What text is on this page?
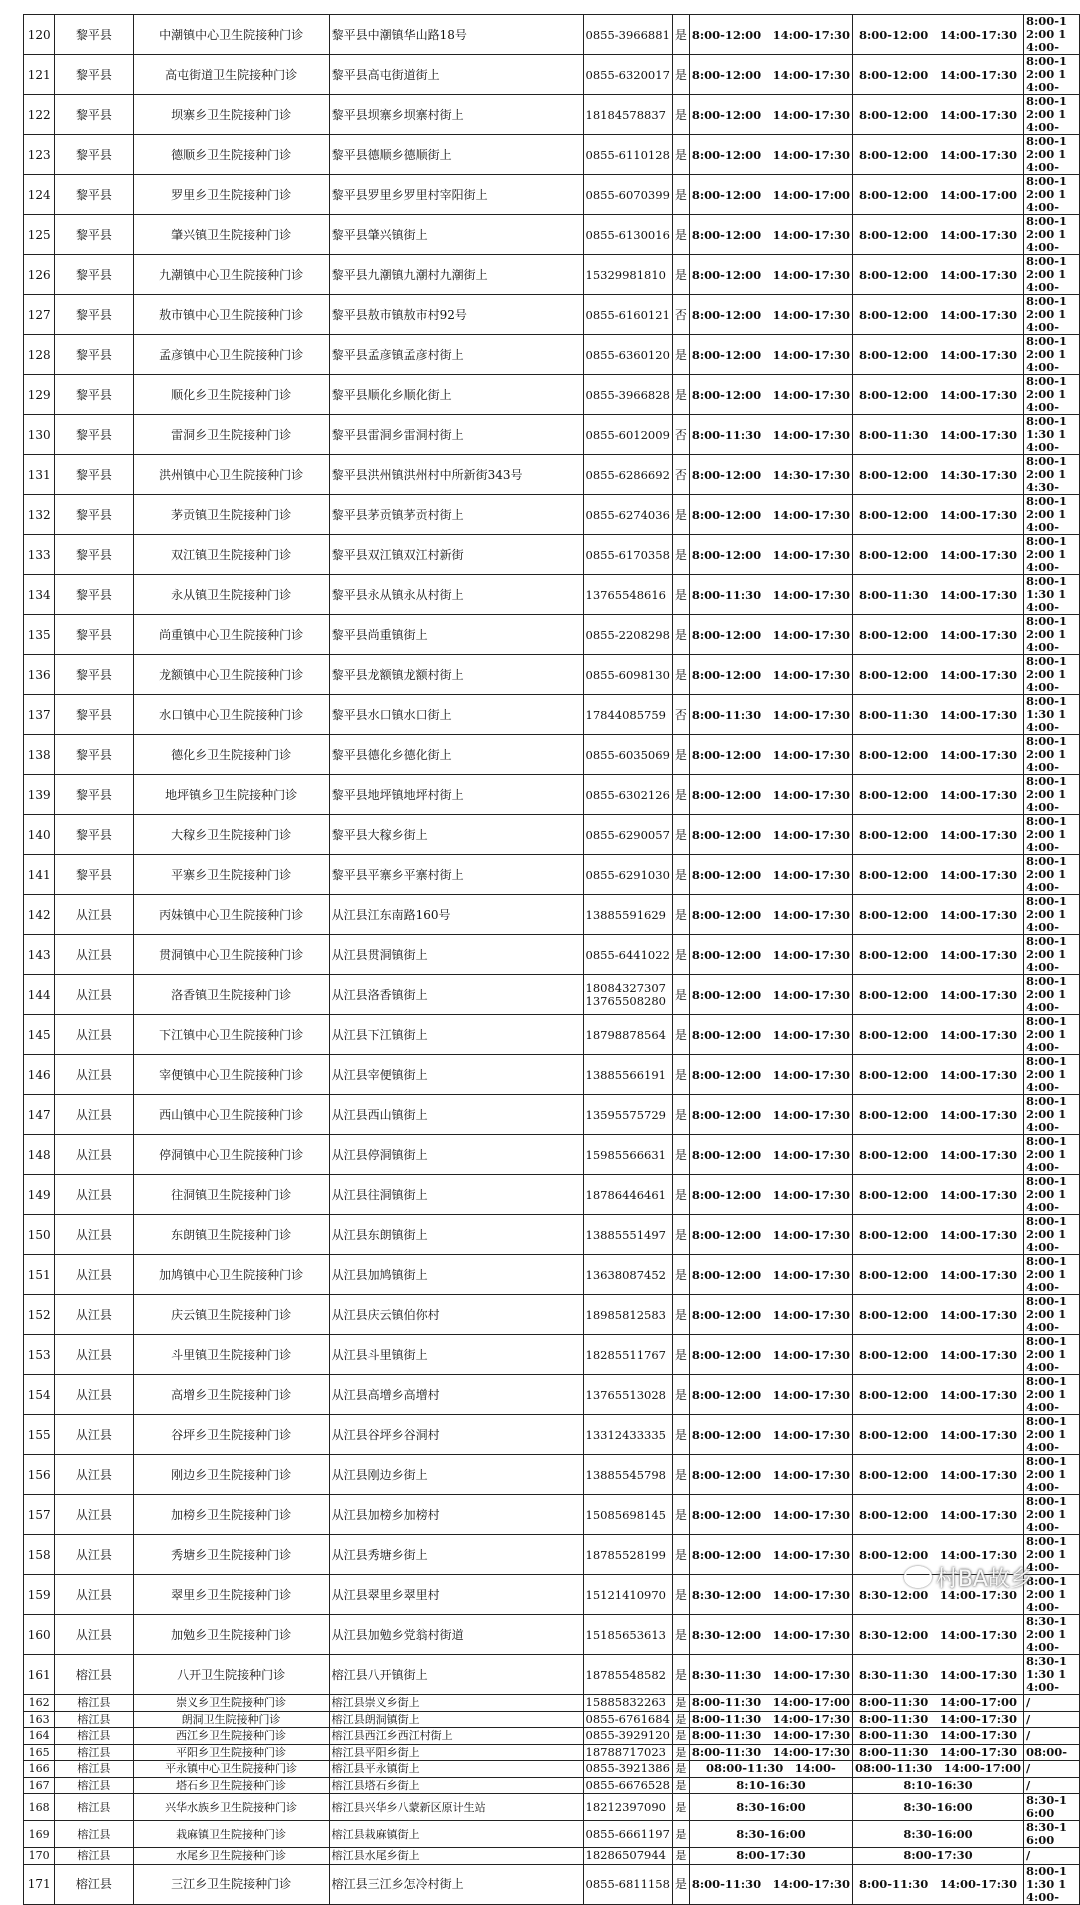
120	黎平县	中潮镇中心卫生院接种门诊	黎平县中潮镇华山路18号	0855-3966881	是	8:00-12:00　14:00-17:30	8:00-12:00　14:00-17:30	8:00-12:00 14:00-
121	黎平县	高屯街道卫生院接种门诊	黎平县高屯街道街上	0855-6320017	是	8:00-12:00　14:00-17:30	8:00-12:00　14:00-17:30	8:00-12:00 14:00-
122	黎平县	坝寨乡卫生院接种门诊	黎平县坝寨乡坝寨村街上	18184578837	是	8:00-12:00　14:00-17:30	8:00-12:00　14:00-17:30	8:00-12:00 14:00-
123	黎平县	德顺乡卫生院接种门诊	黎平县德顺乡德顺街上	0855-6110128	是	8:00-12:00　14:00-17:30	8:00-12:00　14:00-17:30	8:00-12:00 14:00-
124	黎平县	罗里乡卫生院接种门诊	黎平县罗里乡罗里村宰阳街上	0855-6070399	是	8:00-12:00　14:00-17:00	8:00-12:00　14:00-17:00	8:00-12:00 14:00-
125	黎平县	肇兴镇卫生院接种门诊	黎平县肇兴镇街上	0855-6130016	是	8:00-12:00　14:00-17:30	8:00-12:00　14:00-17:30	8:00-12:00 14:00-
126	黎平县	九潮镇中心卫生院接种门诊	黎平县九潮镇九潮村九潮街上	15329981810	是	8:00-12:00　14:00-17:30	8:00-12:00　14:00-17:30	8:00-12:00 14:00-
127	黎平县	敖市镇中心卫生院接种门诊	黎平县敖市镇敖市村92号	0855-6160121	否	8:00-12:00　14:00-17:30	8:00-12:00　14:00-17:30	8:00-12:00 14:00-
128	黎平县	孟彦镇中心卫生院接种门诊	黎平县孟彦镇孟彦村街上	0855-6360120	是	8:00-12:00　14:00-17:30	8:00-12:00　14:00-17:30	8:00-12:00 14:00-
129	黎平县	顺化乡卫生院接种门诊	黎平县顺化乡顺化街上	0855-3966828	是	8:00-12:00　14:00-17:30	8:00-12:00　14:00-17:30	8:00-12:00 14:00-
130	黎平县	雷洞乡卫生院接种门诊	黎平县雷洞乡雷洞村街上	0855-6012009	否	8:00-11:30　14:00-17:30	8:00-11:30　14:00-17:30	8:00-11:30 14:00-
131	黎平县	洪州镇中心卫生院接种门诊	黎平县洪州镇洪州村中所新街343号	0855-6286692	否	8:00-12:00　14:30-17:30	8:00-12:00　14:30-17:30	8:00-12:00 14:30-
132	黎平县	茅贡镇卫生院接种门诊	黎平县茅贡镇茅贡村街上	0855-6274036	是	8:00-12:00　14:00-17:30	8:00-12:00　14:00-17:30	8:00-12:00 14:00-
133	黎平县	双江镇卫生院接种门诊	黎平县双江镇双江村新街	0855-6170358	是	8:00-12:00　14:00-17:30	8:00-12:00　14:00-17:30	8:00-12:00 14:00-
134	黎平县	永从镇卫生院接种门诊	黎平县永从镇永从村街上	13765548616	是	8:00-11:30　14:00-17:30	8:00-11:30　14:00-17:30	8:00-11:30 14:00-
135	黎平县	尚重镇中心卫生院接种门诊	黎平县尚重镇街上	0855-2208298	是	8:00-12:00　14:00-17:30	8:00-12:00　14:00-17:30	8:00-12:00 14:00-
136	黎平县	龙额镇中心卫生院接种门诊	黎平县龙额镇龙额村街上	0855-6098130	是	8:00-12:00　14:00-17:30	8:00-12:00　14:00-17:30	8:00-12:00 14:00-
137	黎平县	水口镇中心卫生院接种门诊	黎平县水口镇水口街上	17844085759	否	8:00-11:30　14:00-17:30	8:00-11:30　14:00-17:30	8:00-11:30 14:00-
138	黎平县	德化乡卫生院接种门诊	黎平县德化乡德化街上	0855-6035069	是	8:00-12:00　14:00-17:30	8:00-12:00　14:00-17:30	8:00-12:00 14:00-
139	黎平县	地坪镇乡卫生院接种门诊	黎平县地坪镇地坪村街上	0855-6302126	是	8:00-12:00　14:00-17:30	8:00-12:00　14:00-17:30	8:00-12:00 14:00-
140	黎平县	大稼乡卫生院接种门诊	黎平县大稼乡街上	0855-6290057	是	8:00-12:00　14:00-17:30	8:00-12:00　14:00-17:30	8:00-12:00 14:00-
141	黎平县	平寨乡卫生院接种门诊	黎平县平寨乡平寨村街上	0855-6291030	是	8:00-12:00　14:00-17:30	8:00-12:00　14:00-17:30	8:00-12:00 14:00-
142	从江县	丙妹镇中心卫生院接种门诊	从江县江东南路160号	13885591629	是	8:00-12:00　14:00-17:30	8:00-12:00　14:00-17:30	8:00-12:00 14:00-
143	从江县	贯洞镇中心卫生院接种门诊	从江县贯洞镇街上	0855-6441022	是	8:00-12:00　14:00-17:30	8:00-12:00　14:00-17:30	8:00-12:00 14:00-
144	从江县	洛香镇卫生院接种门诊	从江县洛香镇街上	18084327307 13765508280	是	8:00-12:00　14:00-17:30	8:00-12:00　14:00-17:30	8:00-12:00 14:00-
145	从江县	下江镇中心卫生院接种门诊	从江县下江镇街上	18798878564	是	8:00-12:00　14:00-17:30	8:00-12:00　14:00-17:30	8:00-12:00 14:00-
146	从江县	宰便镇中心卫生院接种门诊	从江县宰便镇街上	13885566191	是	8:00-12:00　14:00-17:30	8:00-12:00　14:00-17:30	8:00-12:00 14:00-
147	从江县	西山镇中心卫生院接种门诊	从江县西山镇街上	13595575729	是	8:00-12:00　14:00-17:30	8:00-12:00　14:00-17:30	8:00-12:00 14:00-
148	从江县	停洞镇中心卫生院接种门诊	从江县停洞镇街上	15985566631	是	8:00-12:00　14:00-17:30	8:00-12:00　14:00-17:30	8:00-12:00 14:00-
149	从江县	往洞镇卫生院接种门诊	从江县往洞镇街上	18786446461	是	8:00-12:00　14:00-17:30	8:00-12:00　14:00-17:30	8:00-12:00 14:00-
150	从江县	东朗镇卫生院接种门诊	从江县东朗镇街上	13885551497	是	8:00-12:00　14:00-17:30	8:00-12:00　14:00-17:30	8:00-12:00 14:00-
151	从江县	加鸠镇中心卫生院接种门诊	从江县加鸠镇街上	13638087452	是	8:00-12:00　14:00-17:30	8:00-12:00　14:00-17:30	8:00-12:00 14:00-
152	从江县	庆云镇卫生院接种门诊	从江县庆云镇伯你村	18985812583	是	8:00-12:00　14:00-17:30	8:00-12:00　14:00-17:30	8:00-12:00 14:00-
153	从江县	斗里镇卫生院接种门诊	从江县斗里镇街上	18285511767	是	8:00-12:00　14:00-17:30	8:00-12:00　14:00-17:30	8:00-12:00 14:00-
154	从江县	高增乡卫生院接种门诊	从江县高增乡高增村	13765513028	是	8:00-12:00　14:00-17:30	8:00-12:00　14:00-17:30	8:00-12:00 14:00-
155	从江县	谷坪乡卫生院接种门诊	从江县谷坪乡谷洞村	13312433335	是	8:00-12:00　14:00-17:30	8:00-12:00　14:00-17:30	8:00-12:00 14:00-
156	从江县	刚边乡卫生院接种门诊	从江县刚边乡街上	13885545798	是	8:00-12:00　14:00-17:30	8:00-12:00　14:00-17:30	8:00-12:00 14:00-
157	从江县	加榜乡卫生院接种门诊	从江县加榜乡加榜村	15085698145	是	8:00-12:00　14:00-17:30	8:00-12:00　14:00-17:30	8:00-12:00 14:00-
158	从江县	秀塘乡卫生院接种门诊	从江县秀塘乡街上	18785528199	是	8:00-12:00　14:00-17:30	8:00-12:00　14:00-17:30	8:00-12:00 14:00-
159	从江县	翠里乡卫生院接种门诊	从江县翠里乡翠里村	15121410970	是	8:30-12:00　14:00-17:30	8:30-12:00　14:00-17:30	8:00-12:00 14:00-
160	从江县	加勉乡卫生院接种门诊	从江县加勉乡党翁村街道	15185653613	是	8:30-12:00　14:00-17:30	8:30-12:00　14:00-17:30	8:30-12:00 14:00-
161	榕江县	八开卫生院接种门诊	榕江县八开镇街上	18785548582	是	8:30-11:30　14:00-17:30	8:30-11:30　14:00-17:30	8:30-11:30 14:00-
162	榕江县	崇义乡卫生院接种门诊	榕江县崇义乡街上	15885832263	是	8:00-11:30　14:00-17:00	8:00-11:30　14:00-17:00	/
163	榕江县	朗洞卫生院接种门诊	榕江县朗洞镇街上	0855-6761684	是	8:00-11:30　14:00-17:30	8:00-11:30　14:00-17:30	/
164	榕江县	西江乡卫生院接种门诊	榕江县西江乡西江村街上	0855-3929120	是	8:00-11:30　14:00-17:30	8:00-11:30　14:00-17:30	/
165	榕江县	平阳乡卫生院接种门诊	榕江县平阳乡街上	18788717023	是	8:00-11:30　14:00-17:30	8:00-11:30　14:00-17:30	08:00-
166	榕江县	平永镇中心卫生院接种门诊	榕江县平永镇街上	0855-3921386	是	08:00-11:30　14:00-	08:00-11:30　14:00-17:00	/
167	榕江县	塔石乡卫生院接种门诊	榕江县塔石乡街上	0855-6676528	是	8:10-16:30	8:10-16:30	/
168	榕江县	兴华水族乡卫生院接种门诊	榕江县兴华乡八蒙新区原计生站	18212397090	是	8:30-16:00	8:30-16:00	8:30-16:00
169	榕江县	栽麻镇卫生院接种门诊	榕江县栽麻镇街上	0855-6661197	是	8:30-16:00	8:30-16:00	8:30-16:00
170	榕江县	水尾乡卫生院接种门诊	榕江县水尾乡街上	18286507944	是	8:00-17:30	8:00-17:30	/
171	榕江县	三江乡卫生院接种门诊	榕江县三江乡怎冷村街上	0855-6811158	是	8:00-11:30　14:00-17:30	8:00-11:30　14:00-17:30	8:00-11:30 14:00-
村BA故乡
